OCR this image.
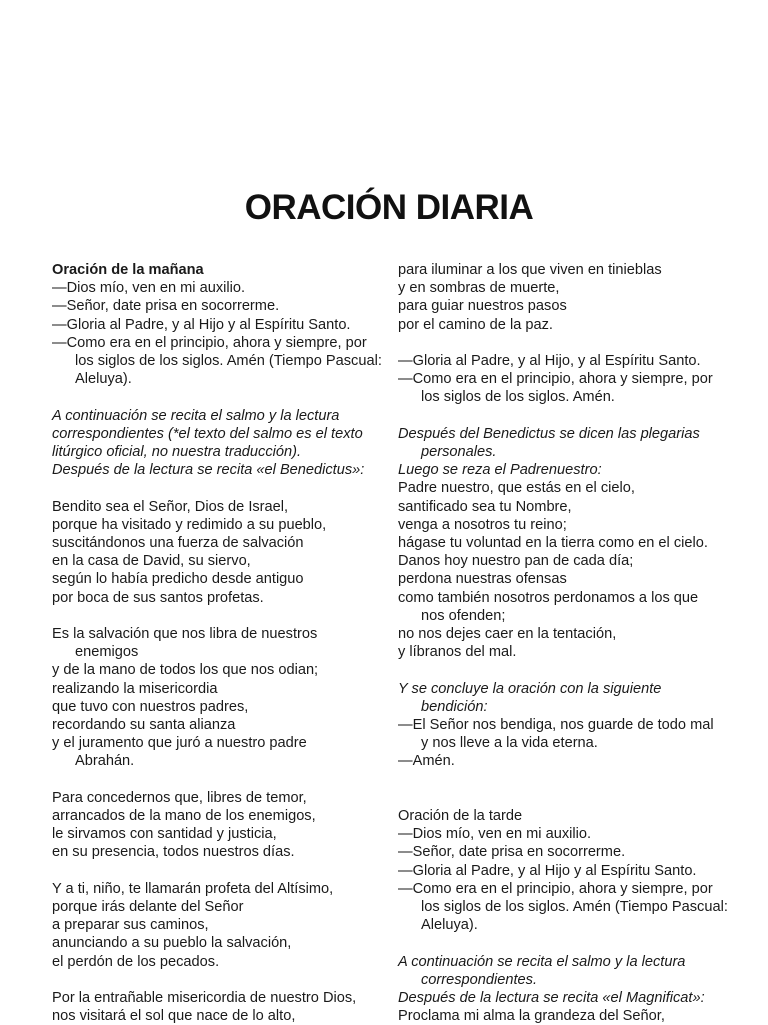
ORACIÓN DIARIA
Oración de la mañana
—Dios mío, ven en mi auxilio.
—Señor, date prisa en socorrerme.
—Gloria al Padre, y al Hijo y al Espíritu Santo.
—Como era en el principio, ahora y siempre, por
los siglos de los siglos. Amén (Tiempo Pascual:
Aleluya).
A continuación se recita el salmo y la lectura
correspondientes (*el texto del salmo es el texto
litúrgico oficial, no nuestra traducción).
Después de la lectura se recita «el Benedictus»:
Bendito sea el Señor, Dios de Israel,
porque ha visitado y redimido a su pueblo,
suscitándonos una fuerza de salvación
en la casa de David, su siervo,
según lo había predicho desde antiguo
por boca de sus santos profetas.
Es la salvación que nos libra de nuestros
enemigos
y de la mano de todos los que nos odian;
realizando la misericordia
que tuvo con nuestros padres,
recordando su santa alianza
y el juramento que juró a nuestro padre
Abrahán.
Para concedernos que, libres de temor,
arrancados de la mano de los enemigos,
le sirvamos con santidad y justicia,
en su presencia, todos nuestros días.
Y a ti, niño, te llamarán profeta del Altísimo,
porque irás delante del Señor
a preparar sus caminos,
anunciando a su pueblo la salvación,
el perdón de los pecados.
Por la entrañable misericordia de nuestro Dios,
nos visitará el sol que nace de lo alto,
para iluminar a los que viven en tinieblas
y en sombras de muerte,
para guiar nuestros pasos
por el camino de la paz.
—Gloria al Padre, y al Hijo, y al Espíritu Santo.
—Como era en el principio, ahora y siempre, por
los siglos de los siglos. Amén.
Después del Benedictus se dicen las plegarias
personales.
Luego se reza el Padrenuestro:
Padre nuestro, que estás en el cielo,
santificado sea tu Nombre,
venga a nosotros tu reino;
hágase tu voluntad en la tierra como en el cielo.
Danos hoy nuestro pan de cada día;
perdona nuestras ofensas
como también nosotros perdonamos a los que
nos ofenden;
no nos dejes caer en la tentación,
y líbranos del mal.
Y se concluye la oración con la siguiente
bendición:
—El Señor nos bendiga, nos guarde de todo mal
y nos lleve a la vida eterna.
—Amén.
Oración de la tarde
—Dios mío, ven en mi auxilio.
—Señor, date prisa en socorrerme.
—Gloria al Padre, y al Hijo y al Espíritu Santo.
—Como era en el principio, ahora y siempre, por
los siglos de los siglos. Amén (Tiempo Pascual:
Aleluya).
A continuación se recita el salmo y la lectura
correspondientes.
Después de la lectura se recita «el Magnificat»:
Proclama mi alma la grandeza del Señor,
